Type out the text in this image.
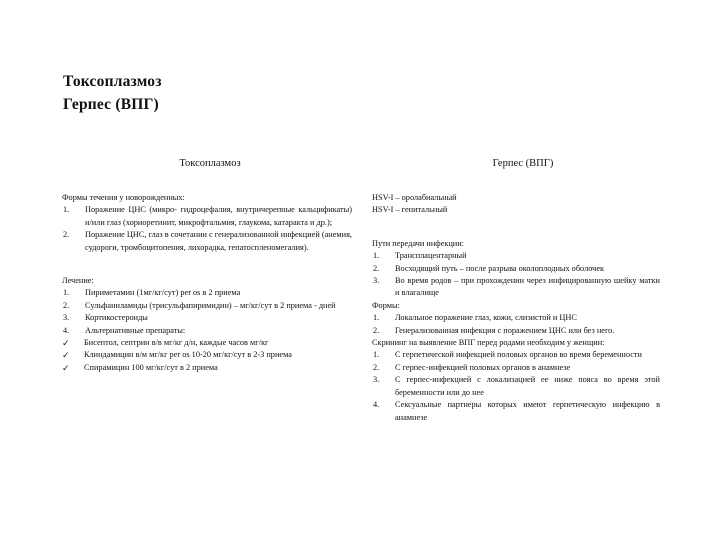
Токсоплазмоз
Герпес (ВПГ)
Токсоплазмоз	Герпес (ВПГ)
Формы течения у новорожденных:
1.	Поражение ЦНС (микро- гидроцефалия, внутричерепные кальцификаты) и/или глаз (хориоретинит, микрофтальмия, глаукома, катаракта и др.);
2.	Поражение ЦНС, глаз в сочетании с генерализованной инфекцией (анемия, судороги, тромбоцитопения, лихорадка, гепатоспленомегалия).
Лечение:
1.	Пириметамин (1мг/кг/сут) per os в 2 приема
2.	Сульфаниламиды (трисульфапиримидин) – мг/кг/сут в 2 приема - дней
3.	Кортикостероиды
4.	Альтернативные препараты:
✓	Бисептол, септрин в/в мг/кг д/н, каждые часов мг/кг
✓	Клиндамицин в/м мг/кг per os 10-20 мг/кг/сут в 2-3 приема
✓	Спирамицин 100 мг/кг/сут в 2 приема
HSV-I – оролабиальный
HSV-I – генитальный
Пути передачи инфекции:
1.	Трансплацентарный
2.	Восходящий путь – после разрыва околоплодных оболочек
3.	Во время родов – при прохождении через инфицированную шейку матки и влагалище
Формы:
1.	Локальное поражение глаз, кожи, слизистой и ЦНС
2.	Генерализованная инфекция с поражением ЦНС или без него.
Скрининг на выявление ВПГ перед родами необходим у женщин:
1.	С герпетической инфекцией половых органов во время беременности
2.	С герпес-инфекцией половых органов в анамнезе
3.	С герпес-инфекцией с локализацией ее ниже пояса во время этой беременности или до нее
4.	Сексуальные партнеры которых имеют герпетическую инфекцию в анамнезе
